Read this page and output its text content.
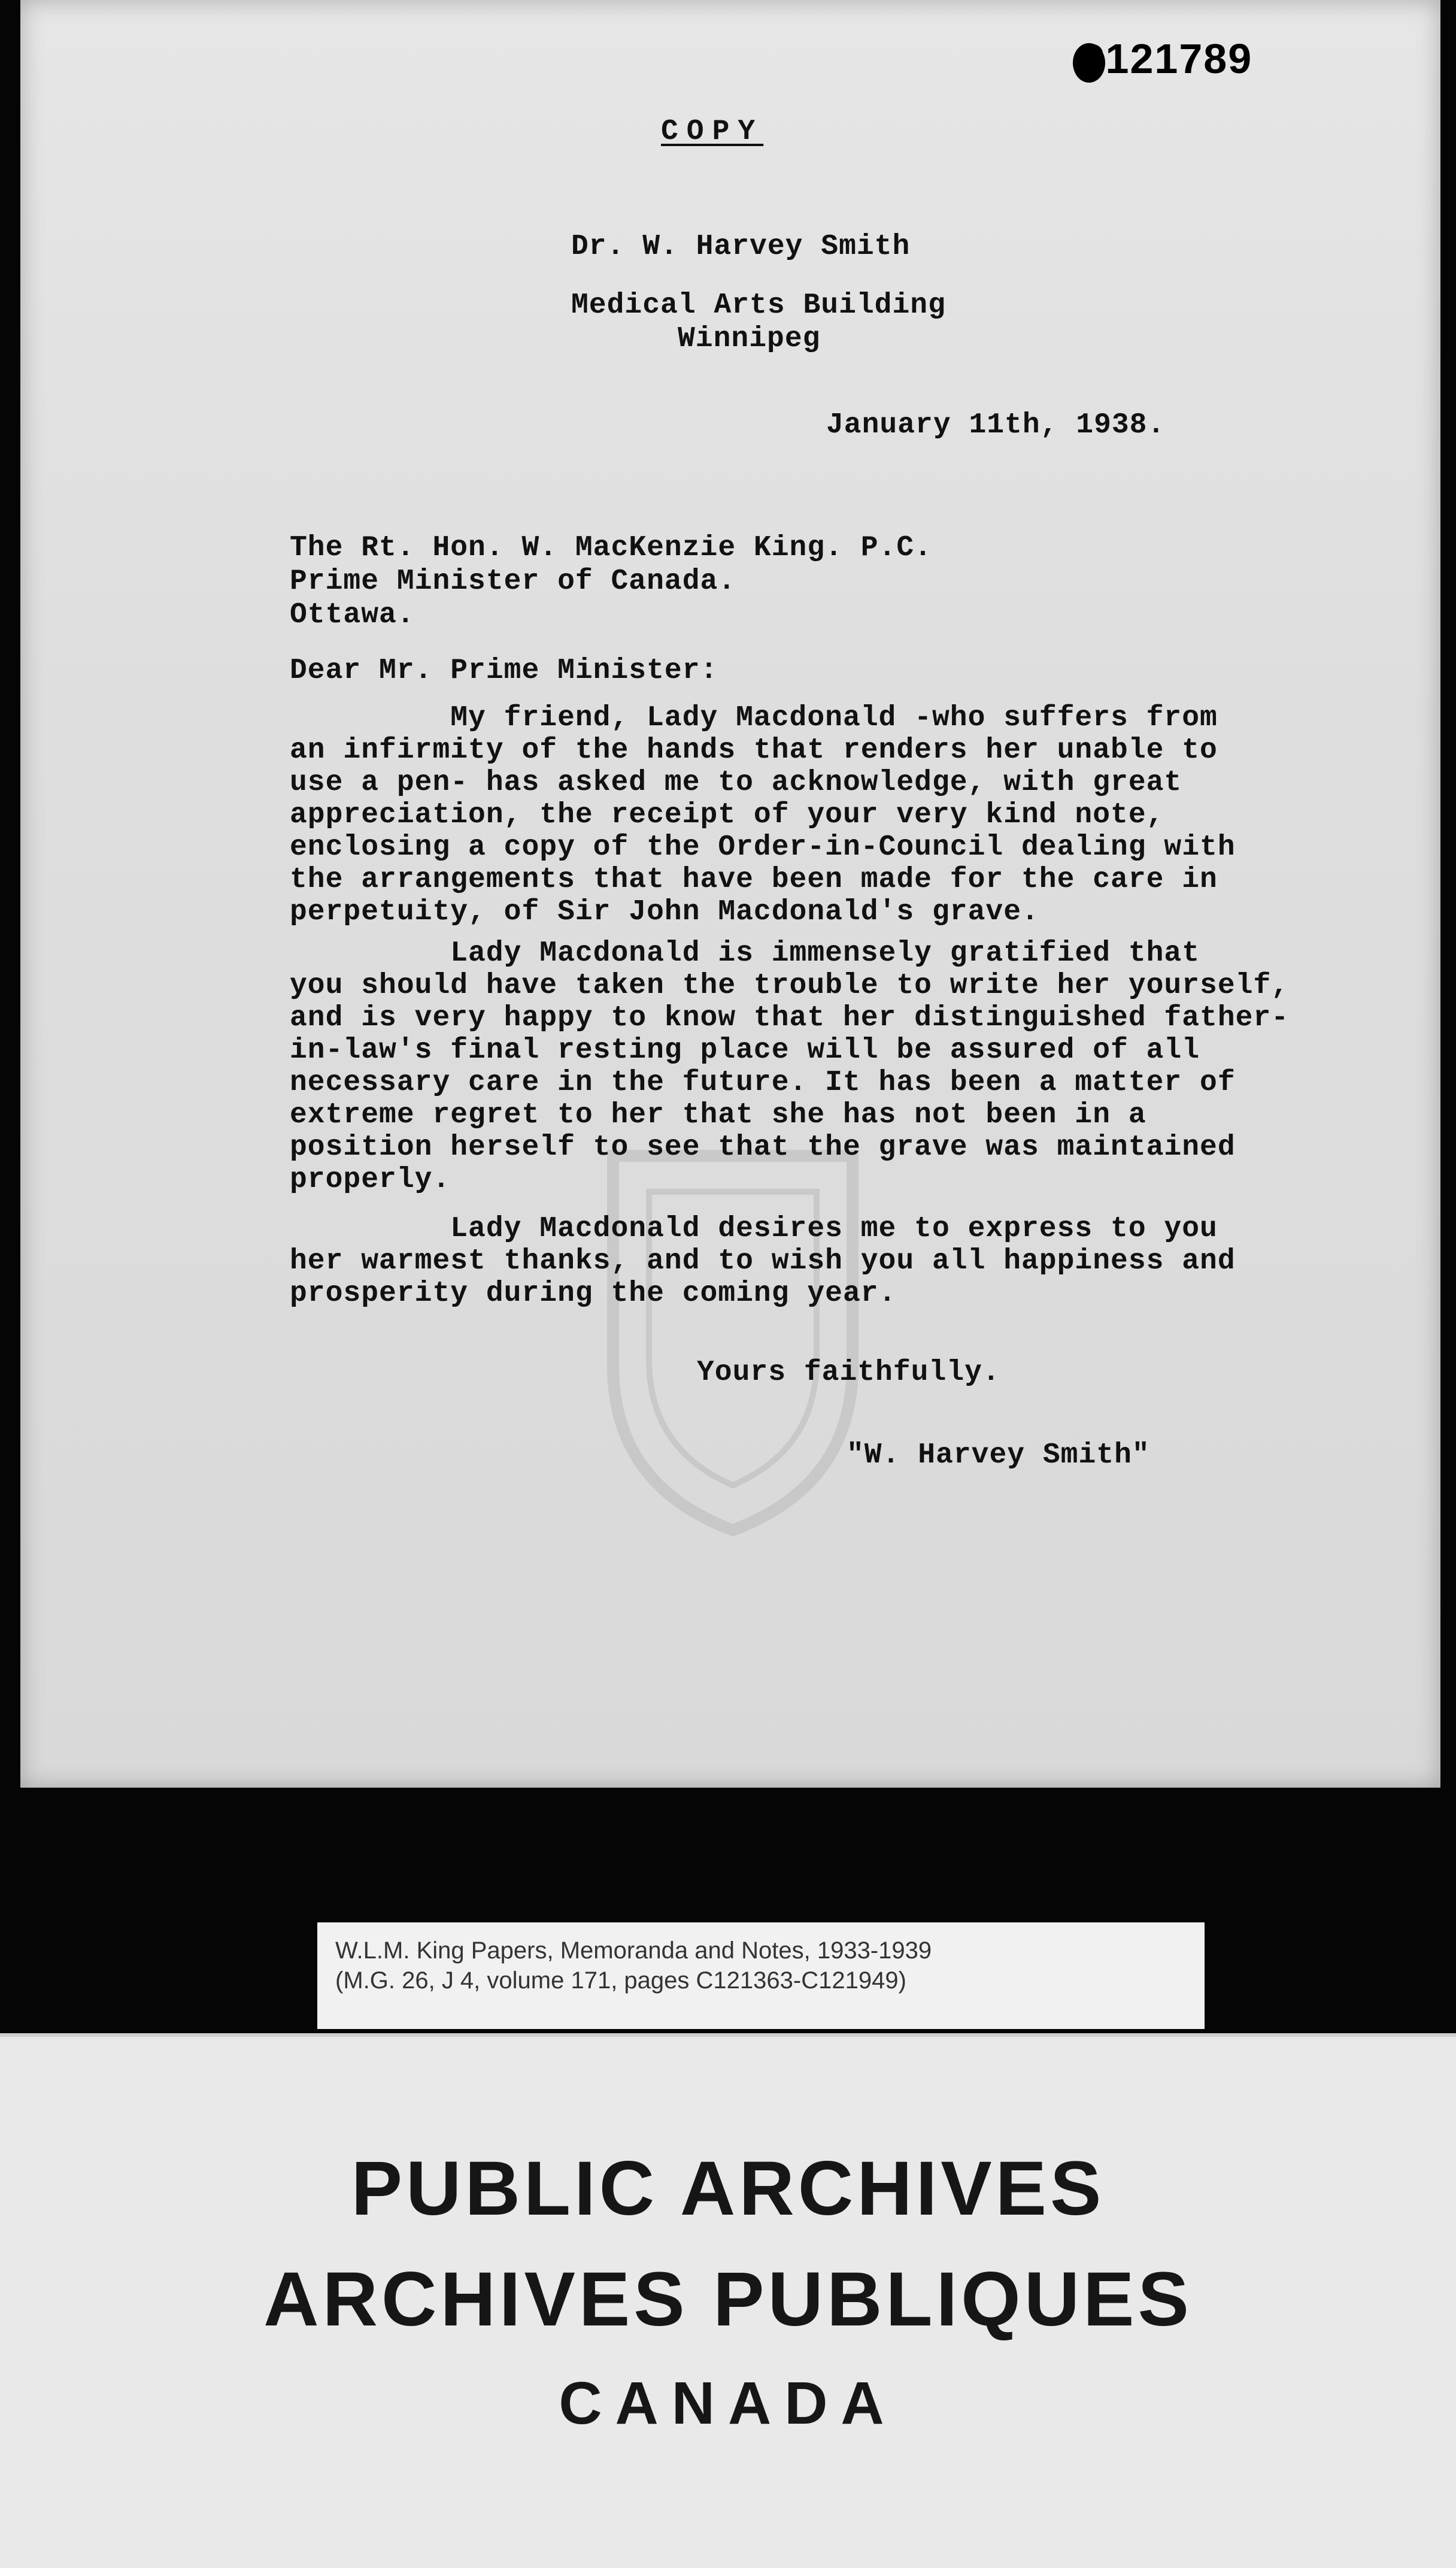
C121789
COPY
Dr. W. Harvey Smith
Medical Arts Building
Winnipeg
January 11th, 1938.
The Rt. Hon. W. MacKenzie King. P.C.
Prime Minister of Canada.
Ottawa.
Dear Mr. Prime Minister:
My friend, Lady Macdonald -who suffers from
an infirmity of the hands that renders her unable to
use a pen- has asked me to acknowledge, with great
appreciation, the receipt of your very kind note,
enclosing a copy of the Order-in-Council dealing with
the arrangements that have been made for the care in
perpetuity, of Sir John Macdonald's grave.
Lady Macdonald is immensely gratified that
you should have taken the trouble to write her yourself,
and is very happy to know that her distinguished father-
in-law's final resting place will be assured of all
necessary care in the future. It has been a matter of
extreme regret to her that she has not been in a
position herself to see that the grave was maintained
properly.
Lady Macdonald desires me to express to you
her warmest thanks, and to wish you all happiness and
prosperity during the coming year.
Yours faithfully.
"W. Harvey Smith"
W.L.M. King Papers, Memoranda and Notes, 1933-1939
(M.G. 26, J 4, volume 171, pages C121363-C121949)
PUBLIC ARCHIVES
ARCHIVES PUBLIQUES
CANADA
